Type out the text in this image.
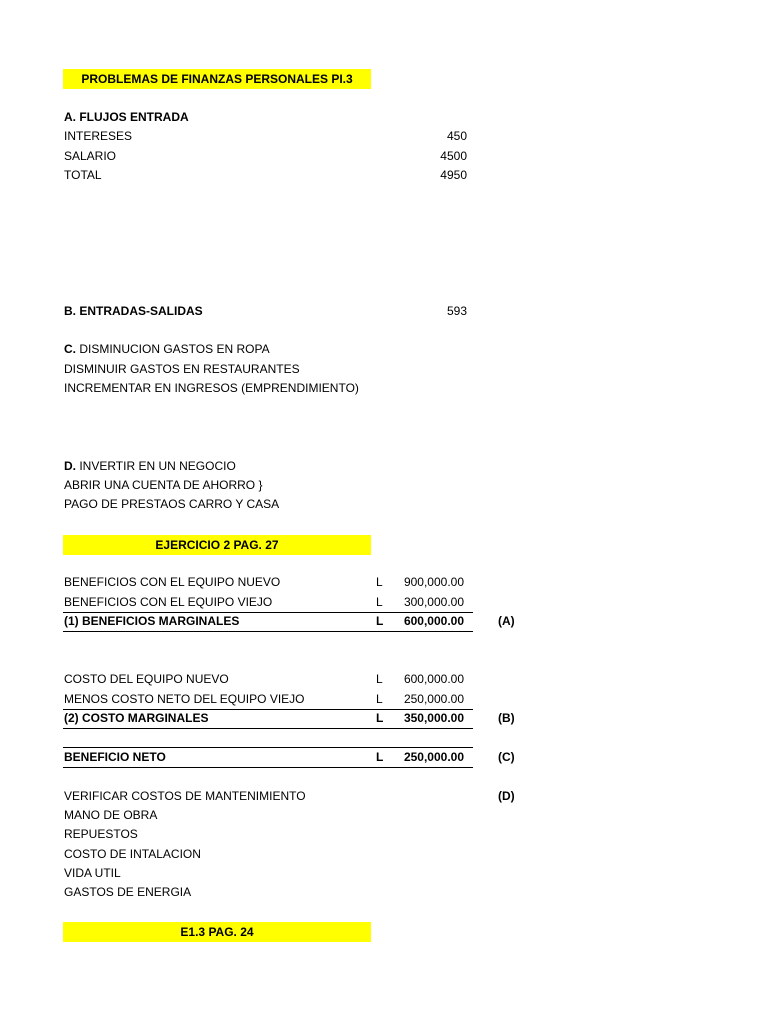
PROBLEMAS DE FINANZAS PERSONALES PI.3
A. FLUJOS ENTRADA
INTERESES	450
SALARIO	4500
TOTAL	4950
B. ENTRADAS-SALIDAS	593
C. DISMINUCION GASTOS EN ROPA
DISMINUIR GASTOS EN RESTAURANTES
INCREMENTAR EN INGRESOS (EMPRENDIMIENTO)
D. INVERTIR EN UN NEGOCIO
ABRIR UNA CUENTA DE AHORRO }
PAGO DE PRESTAOS CARRO Y CASA
EJERCICIO 2 PAG. 27
BENEFICIOS CON EL EQUIPO NUEVO	L	900,000.00
BENEFICIOS CON EL EQUIPO VIEJO	L	300,000.00
(1) BENEFICIOS MARGINALES	L	600,000.00	(A)
COSTO DEL EQUIPO NUEVO	L	600,000.00
MENOS COSTO NETO DEL EQUIPO VIEJO	L	250,000.00
(2) COSTO MARGINALES	L	350,000.00	(B)
BENEFICIO NETO	L	250,000.00	(C)
VERIFICAR COSTOS DE MANTENIMIENTO	(D)
MANO DE OBRA
REPUESTOS
COSTO DE INTALACION
VIDA UTIL
GASTOS DE ENERGIA
E1.3 PAG. 24
